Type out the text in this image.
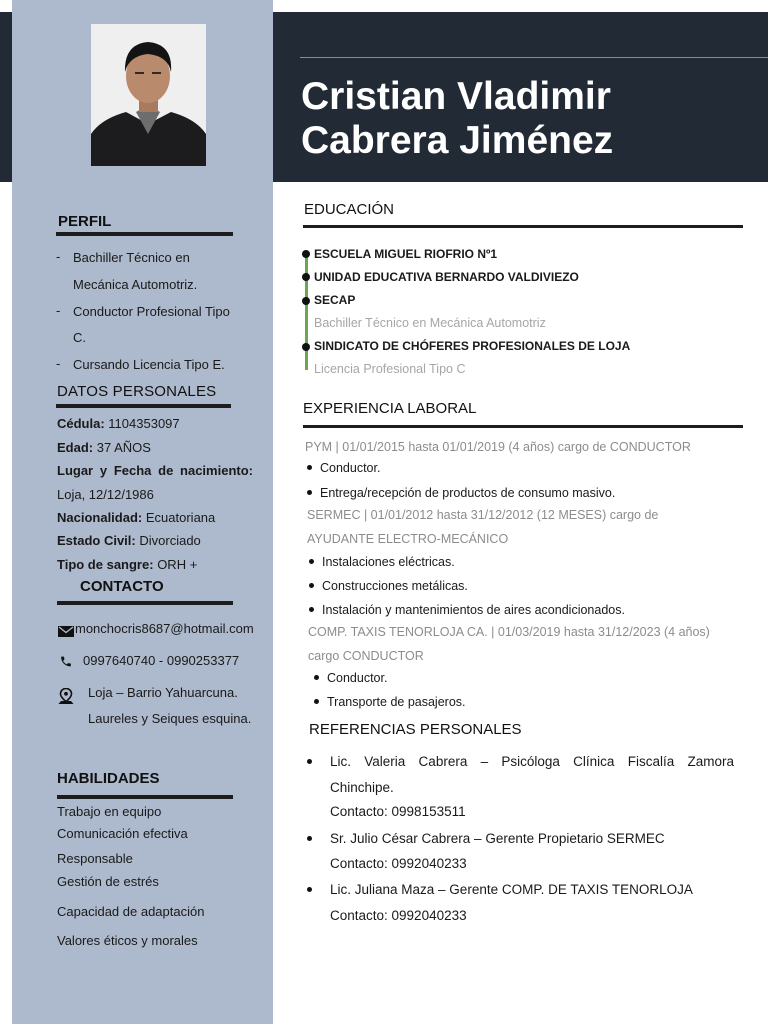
Cristian Vladimir
Cabrera Jiménez
PERFIL
- Bachiller Técnico en
Mecánica Automotriz.
- Conductor Profesional Tipo
C.
- Cursando Licencia Tipo E.
DATOS PERSONALES
Cédula: 1104353097
Edad: 37 AÑOS
Lugar y Fecha de nacimiento:
Loja, 12/12/1986
Nacionalidad: Ecuatoriana
Estado Civil: Divorciado
Tipo de sangre: ORH +
CONTACTO
monchocris8687@hotmail.com
0997640740 - 0990253377
Loja – Barrio Yahuarcuna.
Laureles y Seiques esquina.
HABILIDADES
Trabajo en equipo
Comunicación efectiva
Responsable
Gestión de estrés
Capacidad de adaptación
Valores éticos y morales
EDUCACIÓN
ESCUELA MIGUEL RIOFRIO Nº1
UNIDAD EDUCATIVA BERNARDO VALDIVIEZO
SECAP
Bachiller Técnico en Mecánica Automotriz
SINDICATO DE CHÓFERES PROFESIONALES DE LOJA
Licencia Profesional Tipo C
EXPERIENCIA LABORAL
PYM | 01/01/2015 hasta 01/01/2019 (4 años) cargo de CONDUCTOR
Conductor.
Entrega/recepción de productos de consumo masivo.
SERMEC | 01/01/2012 hasta 31/12/2012 (12 MESES) cargo de
AYUDANTE ELECTRO-MECÁNICO
Instalaciones eléctricas.
Construcciones metálicas.
Instalación y mantenimientos de aires acondicionados.
COMP. TAXIS TENORLOJA CA. | 01/03/2019 hasta 31/12/2023 (4 años)
cargo CONDUCTOR
Conductor.
Transporte de pasajeros.
REFERENCIAS PERSONALES
Lic. Valeria Cabrera – Psicóloga Clínica Fiscalía Zamora
Chinchipe.
Contacto: 0998153511
Sr. Julio César Cabrera – Gerente Propietario SERMEC
Contacto: 0992040233
Lic. Juliana Maza – Gerente COMP. DE TAXIS TENORLOJA
Contacto: 0992040233
